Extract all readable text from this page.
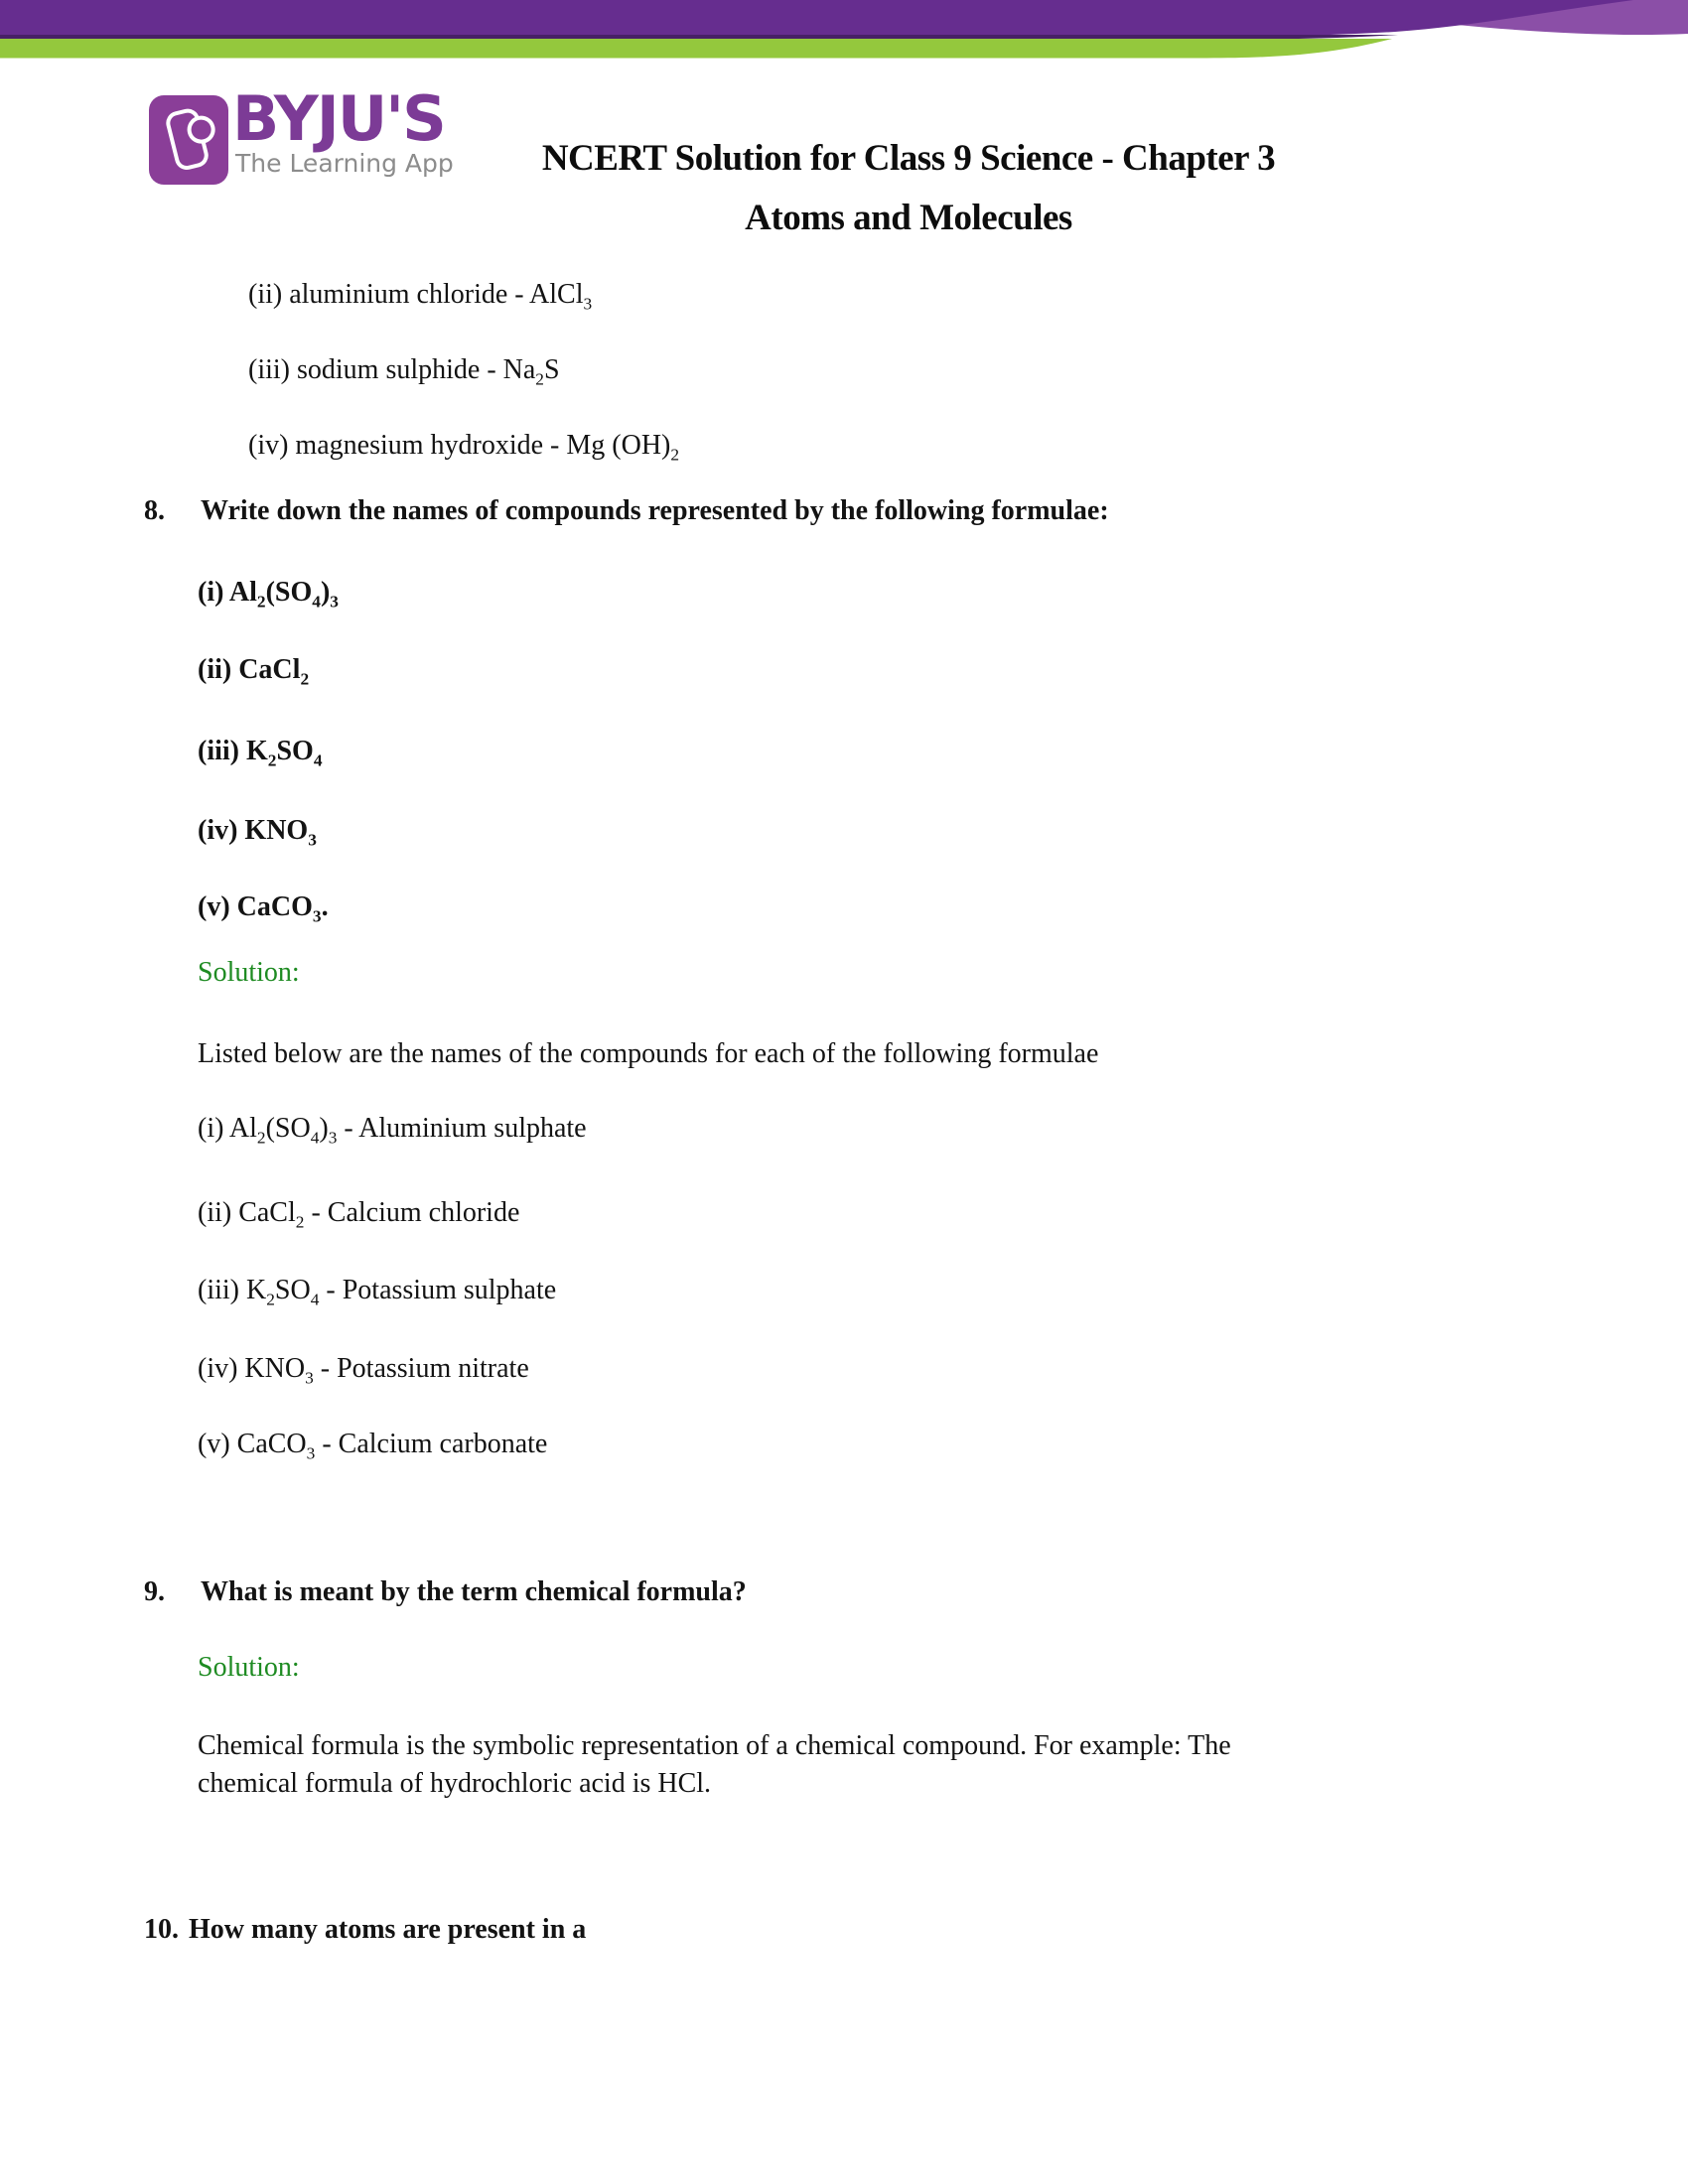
BYJU'S
The Learning App	NCERT Solution for Class 9 Science - Chapter 3
Atoms and Molecules
(ii) aluminium chloride - AlCl$_3$
(iii) sodium sulphide - $Na_2S$
(iv) magnesium hydroxide - Mg $(OH)_2$
8. Write down the names of compounds represented by the following formulae:
(i) $Al_2(SO_4)_3$
(ii) CaCl$_2$
(iii) $K_2SO_4$
(iv) $KNO_3$
(v) CaCO$_3$.
Solution:
Listed below are the names of the compounds for each of the following formulae
(i) $Al_2(SO_4)_3$ - Aluminium sulphate
(ii) CaCl$_2$ - Calcium chloride
(iii) $K_2SO_4$ - Potassium sulphate
(iv) $KNO_3$ - Potassium nitrate
(v) CaCO$_3$ - Calcium carbonate
9. What is meant by the term chemical formula?
Solution:
Chemical formula is the symbolic representation of a chemical compound. For example: The
chemical formula of hydrochloric acid is HCl.
10. How many atoms are present in a
